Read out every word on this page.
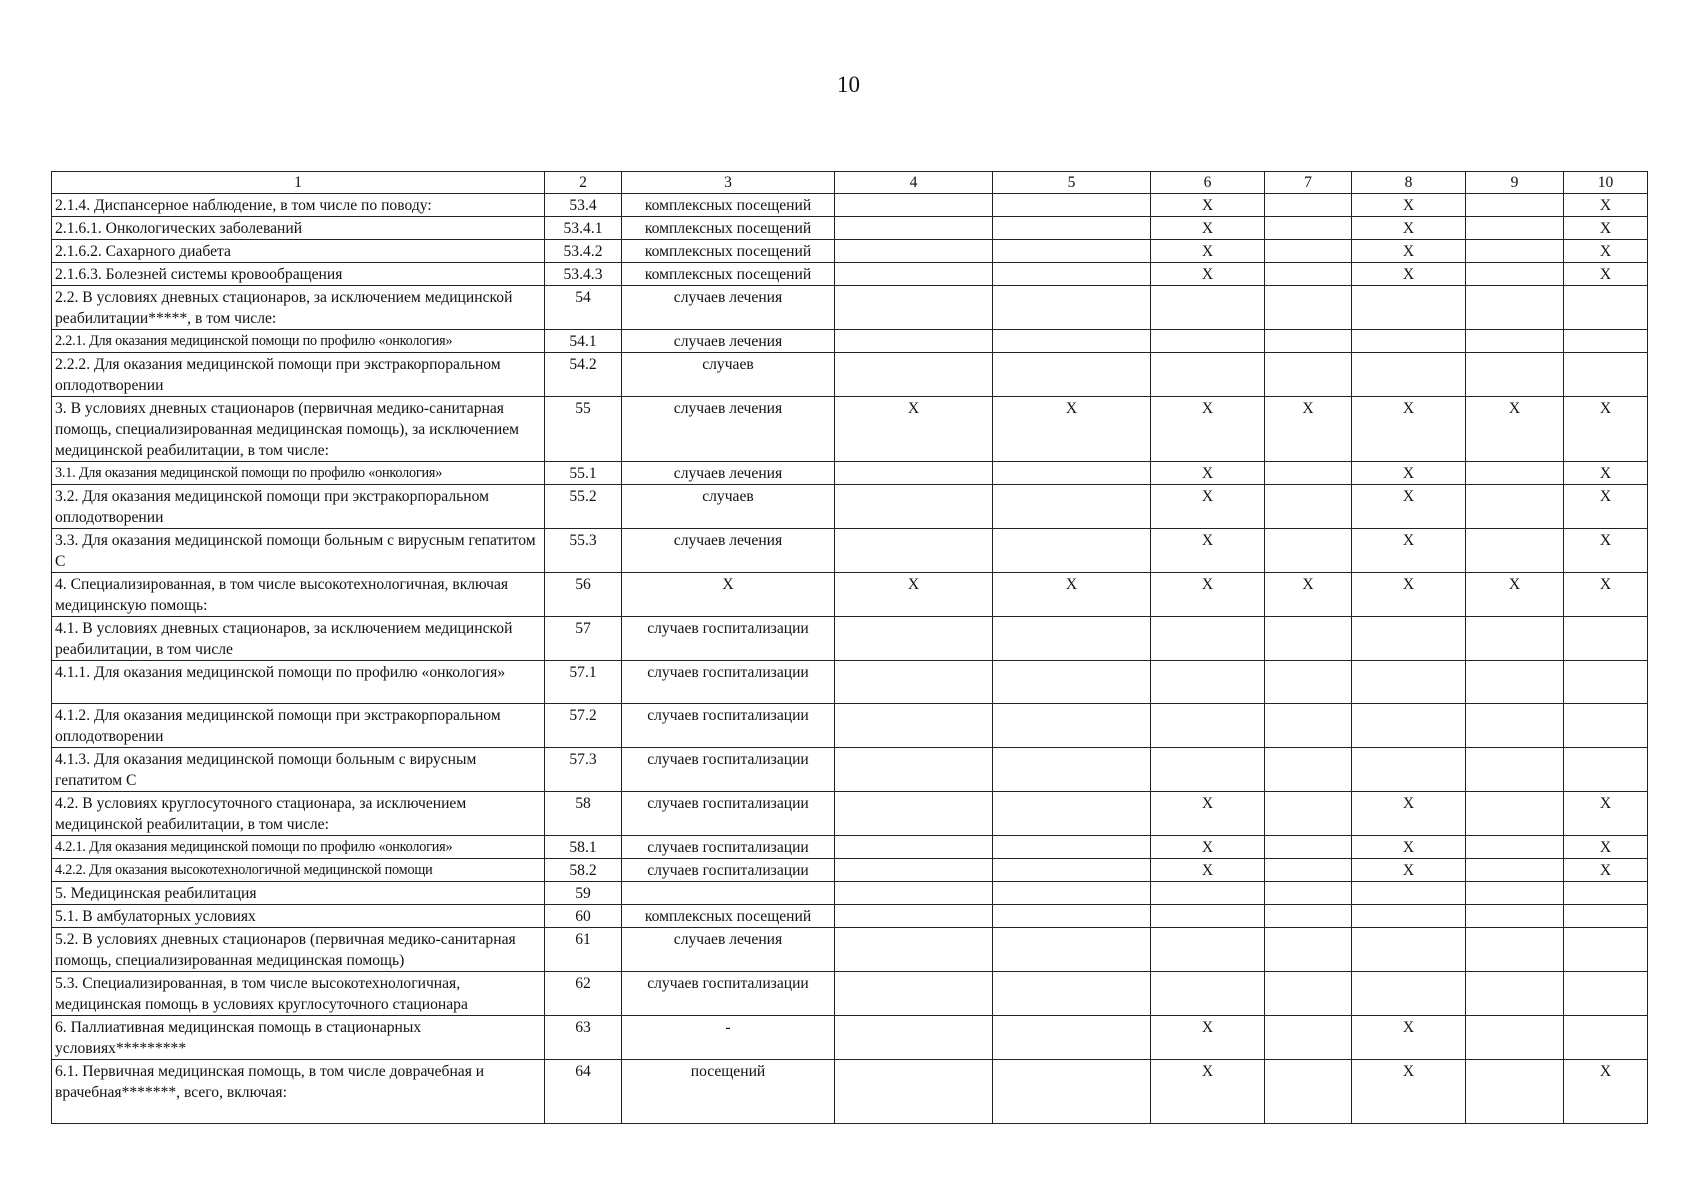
10
1	2	3	4	5	6	7	8	9	10
2.1.4. Диспансерное наблюдение, в том числе по поводу:	53.4	комплексных посещений			X		X		X
2.1.6.1. Онкологических заболеваний	53.4.1	комплексных посещений			X		X		X
2.1.6.2. Сахарного диабета	53.4.2	комплексных посещений			X		X		X
2.1.6.3. Болезней системы кровообращения	53.4.3	комплексных посещений			X		X		X
2.2. В условиях дневных стационаров, за исключением медицинской реабилитации*****, в том числе:	54	случаев лечения							
2.2.1. Для оказания медицинской помощи по профилю «онкология»	54.1	случаев лечения							
2.2.2. Для оказания медицинской помощи при экстракорпоральном оплодотворении	54.2	случаев							
3. В условиях дневных стационаров (первичная медико-санитарная помощь, специализированная медицинская помощь), за исключением медицинской реабилитации, в том числе:	55	случаев лечения	X	X	X	X	X	X	X
3.1. Для оказания медицинской помощи по профилю «онкология»	55.1	случаев лечения			X		X		X
3.2. Для оказания медицинской помощи при экстракорпоральном оплодотворении	55.2	случаев			X		X		X
3.3. Для оказания медицинской помощи больным с вирусным гепатитом С	55.3	случаев лечения			X		X		X
4. Специализированная, в том числе высокотехнологичная, включая медицинскую помощь:	56	X	X	X	X	X	X	X	X
4.1. В условиях дневных стационаров, за исключением медицинской реабилитации, в том числе	57	случаев госпитализации							
4.1.1. Для оказания медицинской помощи по профилю «онкология»	57.1	случаев госпитализации							
4.1.2. Для оказания медицинской помощи при экстракорпоральном оплодотворении	57.2	случаев госпитализации							
4.1.3. Для оказания медицинской помощи больным с вирусным гепатитом С	57.3	случаев госпитализации							
4.2. В условиях круглосуточного стационара, за исключением медицинской реабилитации, в том числе:	58	случаев госпитализации			X		X		X
4.2.1. Для оказания медицинской помощи по профилю «онкология»	58.1	случаев госпитализации			X		X		X
4.2.2. Для оказания высокотехнологичной медицинской помощи	58.2	случаев госпитализации			X		X		X
5. Медицинская реабилитация	59								
5.1. В амбулаторных условиях	60	комплексных посещений							
5.2. В условиях дневных стационаров (первичная медико-санитарная помощь, специализированная медицинская помощь)	61	случаев лечения							
5.3. Специализированная, в том числе высокотехнологичная, медицинская помощь в условиях круглосуточного стационара	62	случаев госпитализации							
6. Паллиативная медицинская помощь в стационарных условиях*********	63	-			X		X		
6.1. Первичная медицинская помощь, в том числе доврачебная и врачебная*******, всего, включая:	64	посещений			X		X		X
